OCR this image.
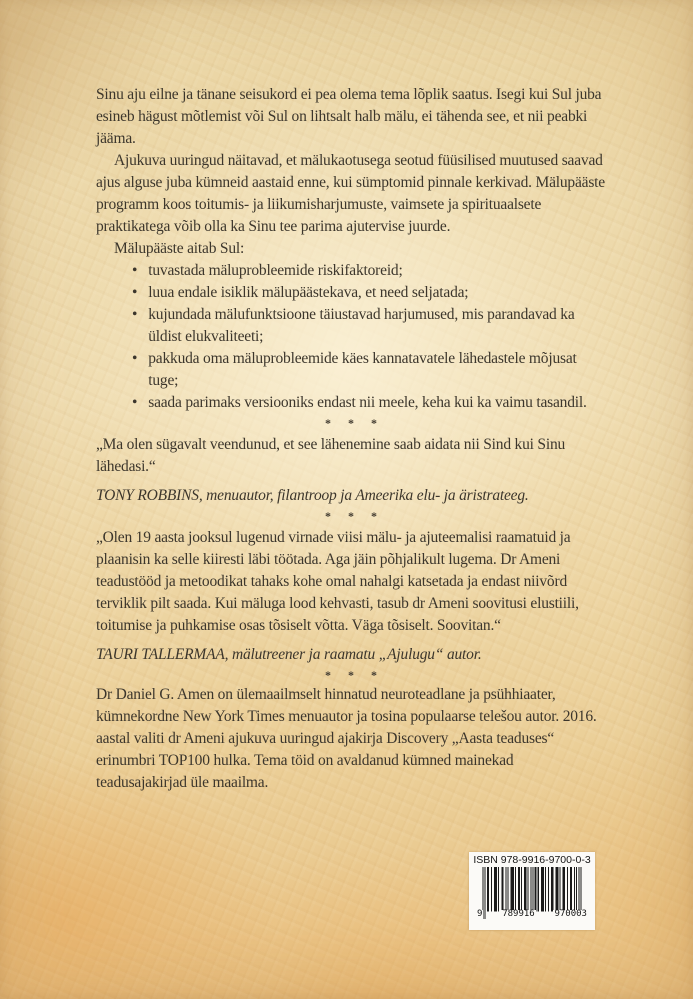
Sinu aju eilne ja tänane seisukord ei pea olema tema lõplik saatus. Isegi kui Sul juba esineb hägust mõtlemist või Sul on lihtsalt halb mälu, ei tähenda see, et nii peabki jääma.

Ajukuva uuringud näitavad, et mälukaotusega seotud füüsilised muutused saavad ajus alguse juba kümneid aastaid enne, kui sümptomid pinnale kerkivad. Mälupääste programm koos toitumis- ja liikumisharjumuste, vaimsete ja spirituaalsete praktikatega võib olla ka Sinu tee parima ajutervise juurde.

Mälupääste aitab Sul:

• tuvastada mäluprobleemide riskifaktoreid;
• luua endale isiklik mälupäästekava, et need seljatada;
• kujundada mälufunktsioone täiustavad harjumused, mis parandavad ka üldist elukvaliteeti;
• pakkuda oma mäluprobleemide käes kannatavatele lähedastele mõjusat tuge;
• saada parimaks versiooniks endast nii meele, keha kui ka vaimu tasandil.

* * *

„Ma olen sügavalt veendunud, et see lähenemine saab aidata nii Sind kui Sinu lähedasi.“

TONY ROBBINS, menuautor, filantroop ja Ameerika elu- ja äristrateeg.

* * *

„Olen 19 aasta jooksul lugenud virnade viisi mälu- ja ajuteemalisi raamatuid ja plaanisin ka selle kiiresti läbi töötada. Aga jäin põhjalikult lugema. Dr Ameni teadustööd ja metoodikat tahaks kohe omal nahalgi katsetada ja endast niivõrd terviklik pilt saada. Kui mäluga lood kehvasti, tasub dr Ameni soovitusi elustiili, toitumise ja puhkamise osas tõsiselt võtta. Väga tõsiselt. Soovitan.“

TAURI TALLERMAA, mälutreener ja raamatu „Ajulugu“ autor.

* * *

Dr Daniel G. Amen on ülemaailmselt hinnatud neuroteadlane ja psühhiaater, kümnekordne New York Times menuautor ja tosina populaarse telešou autor. 2016. aastal valiti dr Ameni ajukuva uuringud ajakirja Discovery „Aasta teaduses“ erinumbri TOP100 hulka. Tema töid on avaldanud kümned mainekad teadusajakirjad üle maailma.

ISBN 978-9916-9700-0-3
9 789916 970003
